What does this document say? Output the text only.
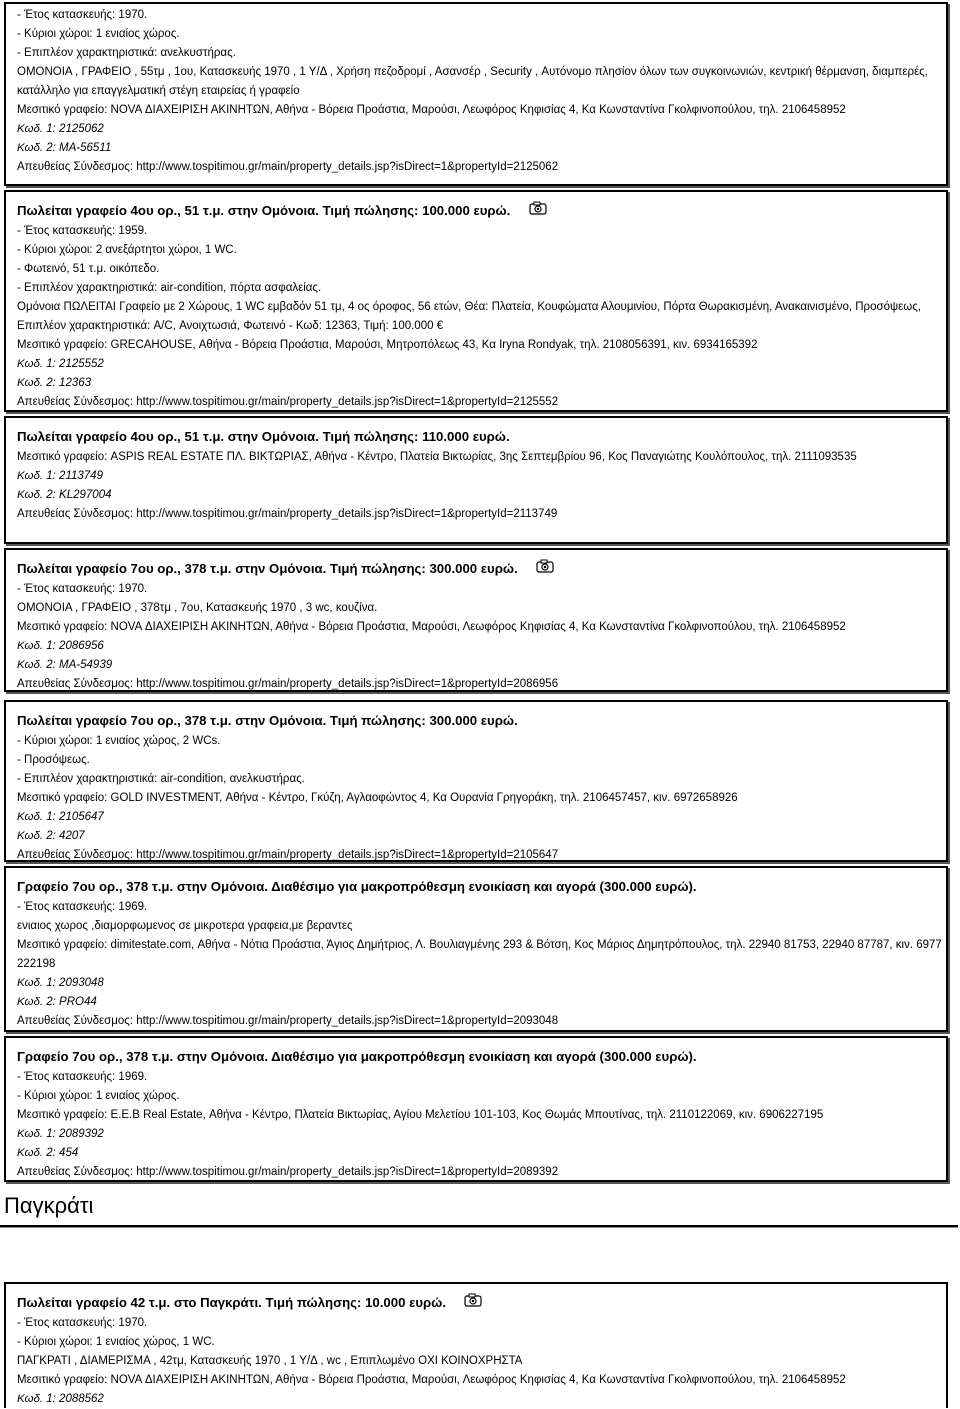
- Έτος κατασκευής: 1970.
- Κύριοι χώροι: 1 ενιαίος χώρος.
- Επιπλέον χαρακτηριστικά: ανελκυστήρας.
ΟΜΟΝΟΙΑ , ΓΡΑΦΕΙΟ , 55τμ , 1ου, Κατασκευής 1970 , 1 Υ/Δ , Χρήση πεζοδρομί , Ασανσέρ , Security , Αυτόνομο πλησίον όλων των συγκοινωνιών, κεντρική θέρμανση, διαμπερές, κατάλληλο για επαγγελματική στέγη εταιρείας ή γραφείο
Μεσιτικό γραφείο: NOVA ΔΙΑΧΕΙΡΙΣΗ ΑΚΙΝΗΤΩΝ, Αθήνα - Βόρεια Προάστια, Μαρούσι, Λεωφόρος Κηφισίας 4, Κα Κωνσταντίνα Γκολφινοπούλου, τηλ. 2106458952
Κωδ. 1: 2125062
Κωδ. 2: MA-56511
Απευθείας Σύνδεσμος: http://www.tospitimou.gr/main/property_details.jsp?isDirect=1&propertyId=2125062
Πωλείται γραφείο 4ου ορ., 51 τ.μ. στην Ομόνοια. Τιμή πώλησης: 100.000 ευρώ.
- Έτος κατασκευής: 1959.
- Κύριοι χώροι: 2 ανεξάρτητοι χώροι, 1 WC.
- Φωτεινό, 51 τ.μ. οικόπεδο.
- Επιπλέον χαρακτηριστικά: air-condition, πόρτα ασφαλείας.
Ομόνοια ΠΩΛΕΙΤΑΙ Γραφείο με 2 Χώρους, 1 WC εμβαδόν 51 τμ, 4 ος όροφος, 56 ετών, Θέα: Πλατεία, Κουφώματα Αλουμινίου, Πόρτα Θωρακισμένη, Ανακαινισμένο, Προσόψεως, Επιπλέον χαρακτηριστικά: A/C, Ανοιχτωσιά, Φωτεινό - Κωδ: 12363, Τιμή: 100.000 €
Μεσιτικό γραφείο: GRECAHOUSE, Αθήνα - Βόρεια Προάστια, Μαρούσι, Μητροπόλεως 43, Κα Iryna Rondyak, τηλ. 2108056391, κιν. 6934165392
Κωδ. 1: 2125552
Κωδ. 2: 12363
Απευθείας Σύνδεσμος: http://www.tospitimou.gr/main/property_details.jsp?isDirect=1&propertyId=2125552
Πωλείται γραφείο 4ου ορ., 51 τ.μ. στην Ομόνοια. Τιμή πώλησης: 110.000 ευρώ.
Μεσιτικό γραφείο: ASPIS REAL ESTATE ΠΛ. ΒΙΚΤΩΡΙΑΣ, Αθήνα - Κέντρο, Πλατεία Βικτωρίας, 3ης Σεπτεμβρίου 96, Κος Παναγιώτης Κουλόπουλος, τηλ. 2111093535
Κωδ. 1: 2113749
Κωδ. 2: KL297004
Απευθείας Σύνδεσμος: http://www.tospitimou.gr/main/property_details.jsp?isDirect=1&propertyId=2113749
Πωλείται γραφείο 7ου ορ., 378 τ.μ. στην Ομόνοια. Τιμή πώλησης: 300.000 ευρώ.
- Έτος κατασκευής: 1970.
ΟΜΟΝΟΙΑ , ΓΡΑΦΕΙΟ , 378τμ , 7ου, Κατασκευής 1970 , 3 wc, κουζίνα.
Μεσιτικό γραφείο: NOVA ΔΙΑΧΕΙΡΙΣΗ ΑΚΙΝΗΤΩΝ, Αθήνα - Βόρεια Προάστια, Μαρούσι, Λεωφόρος Κηφισίας 4, Κα Κωνσταντίνα Γκολφινοπούλου, τηλ. 2106458952
Κωδ. 1: 2086956
Κωδ. 2: MA-54939
Απευθείας Σύνδεσμος: http://www.tospitimou.gr/main/property_details.jsp?isDirect=1&propertyId=2086956
Πωλείται γραφείο 7ου ορ., 378 τ.μ. στην Ομόνοια. Τιμή πώλησης: 300.000 ευρώ.
- Κύριοι χώροι: 1 ενιαίος χώρος, 2 WCs.
- Προσόψεως.
- Επιπλέον χαρακτηριστικά: air-condition, ανελκυστήρας.
Μεσιτικό γραφείο: GOLD INVESTMENT, Αθήνα - Κέντρο, Γκύζη, Αγλαοφώντος 4, Κα Ουρανία Γρηγοράκη, τηλ. 2106457457, κιν. 6972658926
Κωδ. 1: 2105647
Κωδ. 2: 4207
Απευθείας Σύνδεσμος: http://www.tospitimou.gr/main/property_details.jsp?isDirect=1&propertyId=2105647
Γραφείο 7ου ορ., 378 τ.μ. στην Ομόνοια. Διαθέσιμο για μακροπρόθεσμη ενοικίαση και αγορά (300.000 ευρώ).
- Έτος κατασκευής: 1969.
ενιαιος χωρος ,διαμορφωμενος σε μικροτερα γραφεια,με βεραντες
Μεσιτικό γραφείο: dimitestate.com, Αθήνα - Νότια Προάστια, Άγιος Δημήτριος, Λ. Βουλιαγμένης 293 & Βότση, Κος Μάριος Δημητρόπουλος, τηλ. 22940 81753, 22940 87787, κιν. 6977 222198
Κωδ. 1: 2093048
Κωδ. 2: PRO44
Απευθείας Σύνδεσμος: http://www.tospitimou.gr/main/property_details.jsp?isDirect=1&propertyId=2093048
Γραφείο 7ου ορ., 378 τ.μ. στην Ομόνοια. Διαθέσιμο για μακροπρόθεσμη ενοικίαση και αγορά (300.000 ευρώ).
- Έτος κατασκευής: 1969.
- Κύριοι χώροι: 1 ενιαίος χώρος.
Μεσιτικό γραφείο: E.E.B Real Estate, Αθήνα - Κέντρο, Πλατεία Βικτωρίας, Αγίου Μελετίου 101-103, Κος Θωμάς Μπουτίνας, τηλ. 2110122069, κιν. 6906227195
Κωδ. 1: 2089392
Κωδ. 2: 454
Απευθείας Σύνδεσμος: http://www.tospitimou.gr/main/property_details.jsp?isDirect=1&propertyId=2089392
Παγκράτι
Πωλείται γραφείο 42 τ.μ. στο Παγκράτι. Τιμή πώλησης: 10.000 ευρώ.
- Έτος κατασκευής: 1970.
- Κύριοι χώροι: 1 ενιαίος χώρος, 1 WC.
ΠΑΓΚΡΑΤΙ , ΔΙΑΜΕΡΙΣΜΑ , 42τμ, Κατασκευής 1970 , 1 Υ/Δ , wc , Επιπλωμένο ΟΧΙ ΚΟΙΝΟΧΡΗΣΤΑ
Μεσιτικό γραφείο: NOVA ΔΙΑΧΕΙΡΙΣΗ ΑΚΙΝΗΤΩΝ, Αθήνα - Βόρεια Προάστια, Μαρούσι, Λεωφόρος Κηφισίας 4, Κα Κωνσταντίνα Γκολφινοπούλου, τηλ. 2106458952
Κωδ. 1: 2088562
